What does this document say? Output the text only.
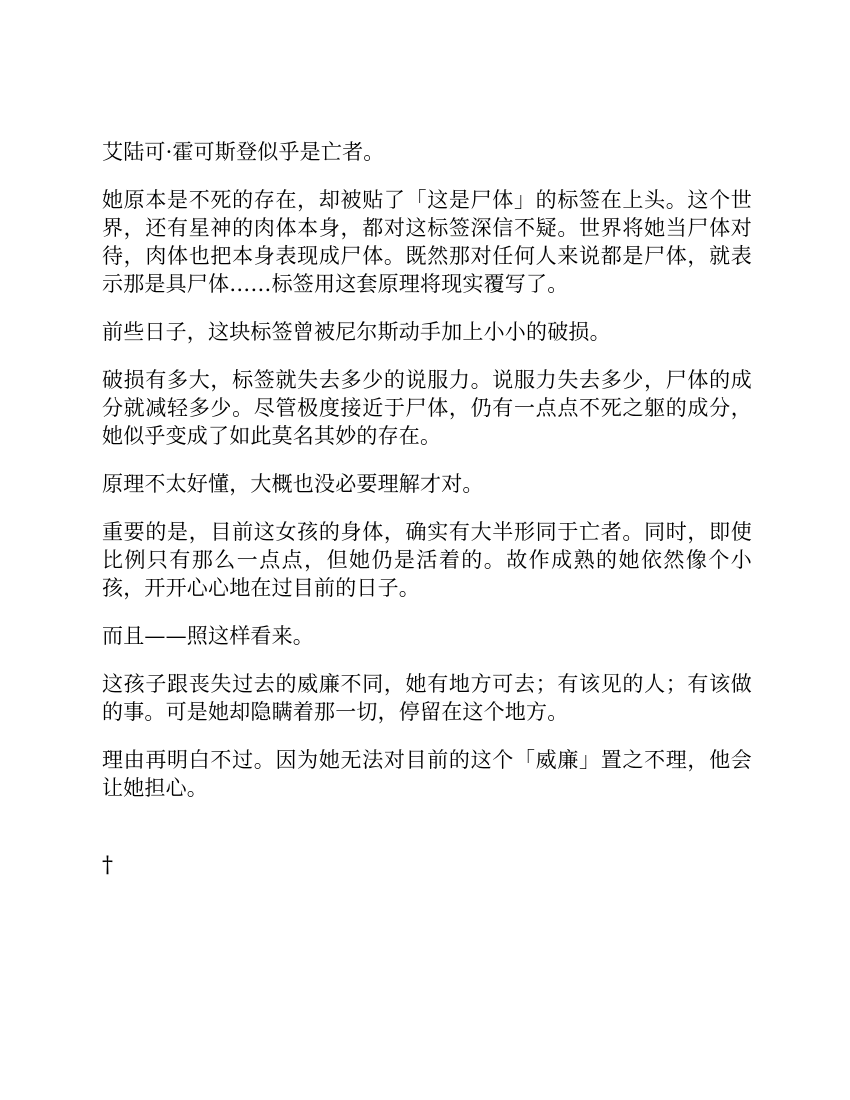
艾陆可·霍可斯登似乎是亡者。

她原本是不死的存在，却被贴了「这是尸体」的标签在上头。这个世界，还有星神的肉体本身，都对这标签深信不疑。世界将她当尸体对待，肉体也把本身表现成尸体。既然那对任何人来说都是尸体，就表示那是具尸体……标签用这套原理将现实覆写了。

前些日子，这块标签曾被尼尔斯动手加上小小的破损。

破损有多大，标签就失去多少的说服力。说服力失去多少，尸体的成分就减轻多少。尽管极度接近于尸体，仍有一点点不死之躯的成分，她似乎变成了如此莫名其妙的存在。

原理不太好懂，大概也没必要理解才对。

重要的是，目前这女孩的身体，确实有大半形同于亡者。同时，即使比例只有那么一点点，但她仍是活着的。故作成熟的她依然像个小孩，开开心心地在过目前的日子。

而且——照这样看来。

这孩子跟丧失过去的威廉不同，她有地方可去；有该见的人；有该做的事。可是她却隐瞒着那一切，停留在这个地方。

理由再明白不过。因为她无法对目前的这个「威廉」置之不理，他会让她担心。

†
